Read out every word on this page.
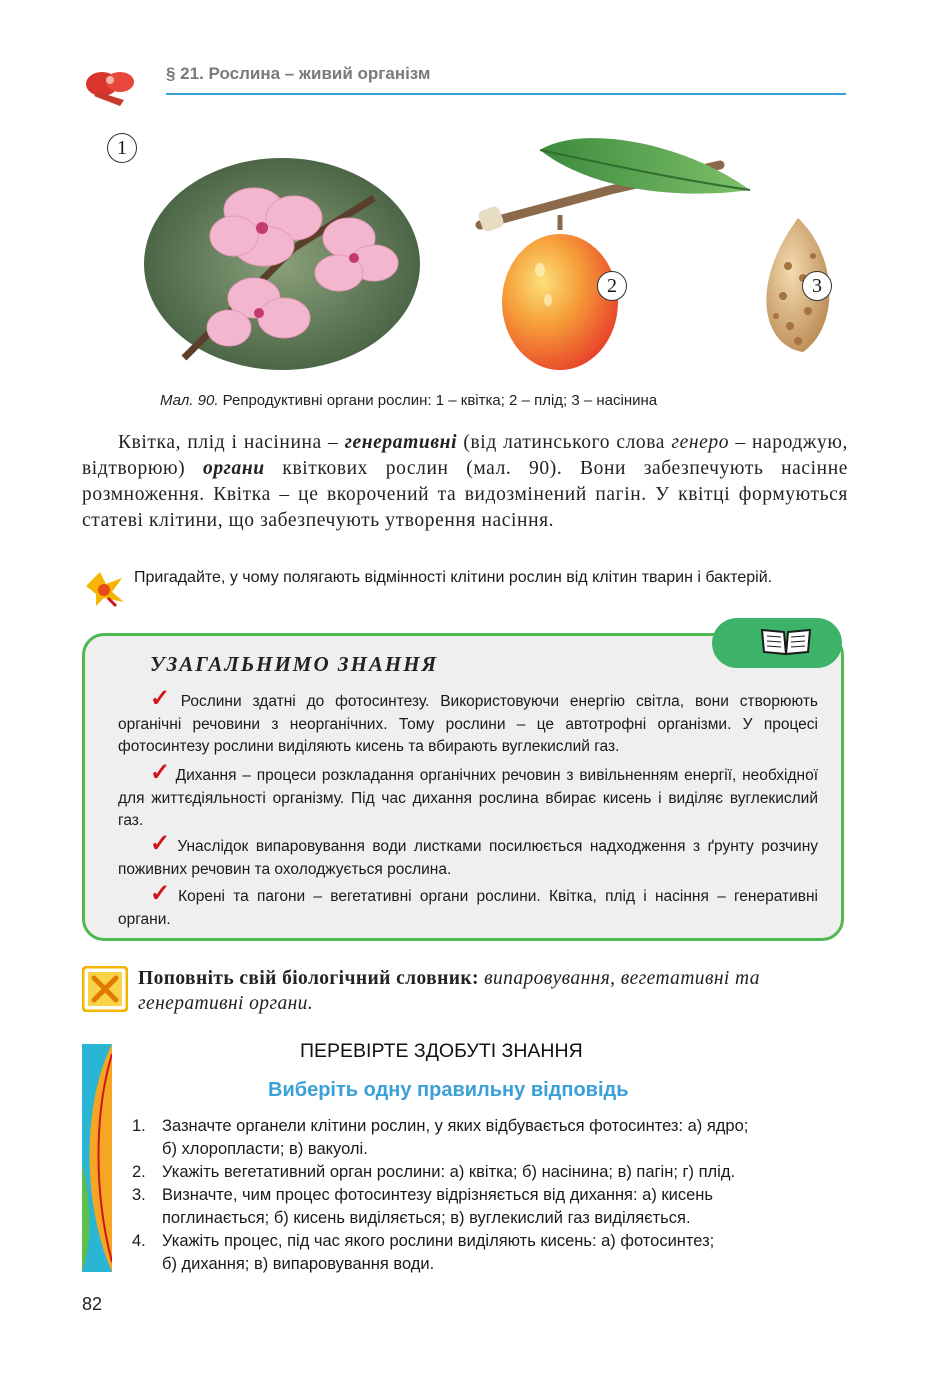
§ 21. Рослина – живий організм
1
2	3
Мал. 90. Репродуктивні органи рослин: 1 – квітка; 2 – плід; 3 – насінина
Квітка, плід і насінина – генеративні (від латинського слова генеро – народжую, відтворюю) органи квіткових рослин (мал. 90). Вони забезпечують насінне розмноження. Квітка – це вкорочений та видозмінений пагін. У квітці формуються статеві клітини, що забезпечують утворення насіння.
Пригадайте, у чому полягають відмінності клітини рослин від клітин тварин і бактерій.
УЗАГАЛЬНИМО ЗНАННЯ
✓ Рослини здатні до фотосинтезу. Використовуючи енергію світла, вони створюють органічні речовини з неорганічних. Тому рослини – це автотрофні організми. У процесі фотосинтезу рослини виділяють кисень та вбирають вуглекислий газ.
✓ Дихання – процеси розкладання органічних речовин з вивільненням енергії, необхідної для життєдіяльності організму. Під час дихання рослина вбирає кисень і виділяє вуглекислий газ.
✓ Унаслідок випаровування води листками посилюється надходження з ґрунту розчину поживних речовин та охолоджується рослина.
✓ Корені та пагони – вегетативні органи рослини. Квітка, плід і насіння – генеративні органи.
Поповніть свій біологічний словник: випаровування, вегетативні та генеративні органи.
ПЕРЕВІРТЕ ЗДОБУТІ ЗНАННЯ
Виберіть одну правильну відповідь
1. Зазначте органели клітини рослин, у яких відбувається фотосинтез: а) ядро;
б) хлоропласти; в) вакуолі.
2. Укажіть вегетативний орган рослини: а) квітка; б) насінина; в) пагін; г) плід.
3. Визначте, чим процес фотосинтезу відрізняється від дихання: а) кисень
поглинається; б) кисень виділяється; в) вуглекислий газ виділяється.
4. Укажіть процес, під час якого рослини виділяють кисень: а) фотосинтез;
б) дихання; в) випаровування води.
82
